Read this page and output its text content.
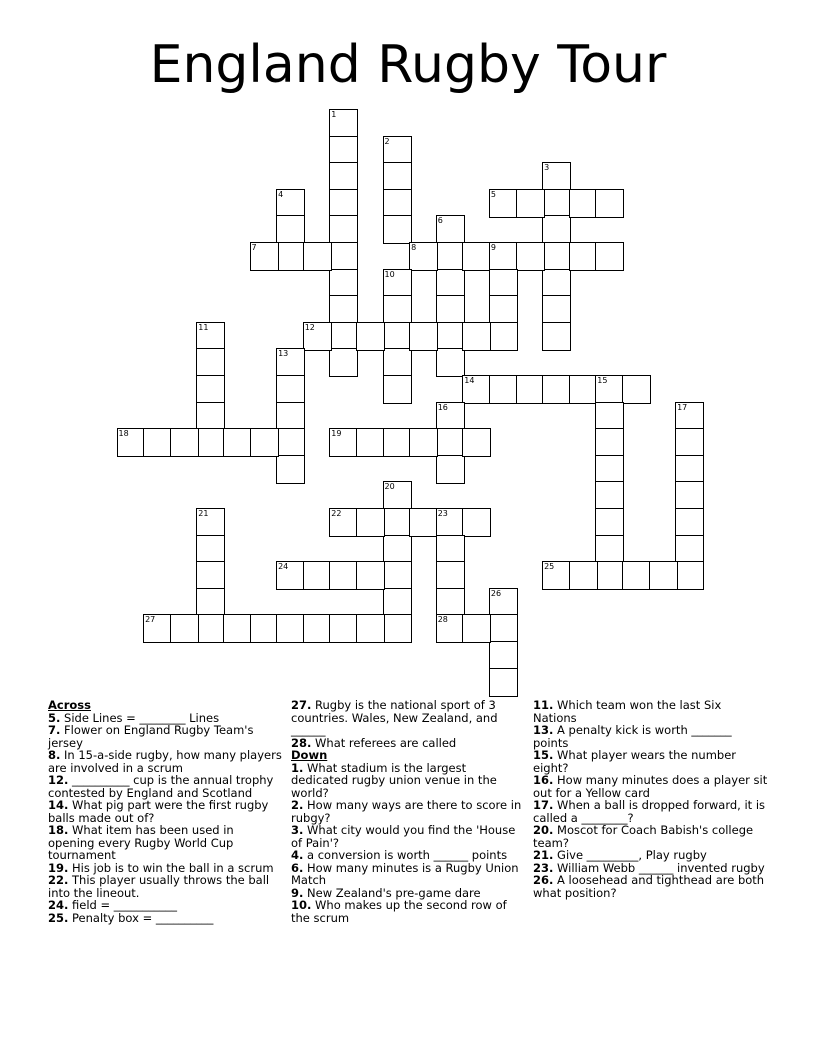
England Rugby Tour
1
2
3
4	5
6
7	8	9
10
11	12
13
14	15
16	17
18	19
20
21	22	23
28
24	25
26
27
Across
5. Side Lines = ________ Lines
7. Flower on England Rugby Team's jersey
8. In 15-a-side rugby, how many players are involved in a scrum
12. __________ cup is the annual trophy contested by England and Scotland
14. What pig part were the first rugby balls made out of?
18. What item has been used in opening every Rugby World Cup tournament
19. His job is to win the ball in a scrum
22. This player usually throws the ball into the lineout.
24. field = ___________
25. Penalty box = __________
27. Rugby is the national sport of 3 countries. Wales, New Zealand, and ______
28. What referees are called
Down
1. What stadium is the largest dedicated rugby union venue in the world?
2. How many ways are there to score in rubgy?
3. What city would you find the 'House of Pain'?
4. a conversion is worth ______ points
6. How many minutes is a Rugby Union Match
9. New Zealand's pre-game dare
10. Who makes up the second row of the scrum
11. Which team won the last Six Nations
13. A penalty kick is worth _______ points
15. What player wears the number eight?
16. How many minutes does a player sit out for a Yellow card
17. When a ball is dropped forward, it is called a ________?
20. Moscot for Coach Babish's college team?
21. Give _________, Play rugby
23. William Webb ______ invented rugby
26. A loosehead and tighthead are both what position?
